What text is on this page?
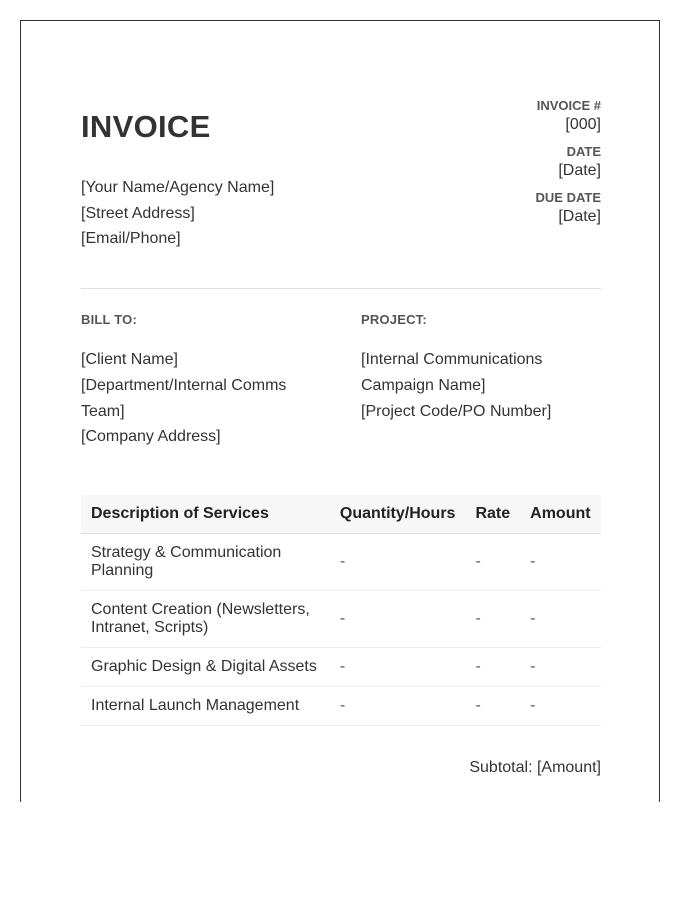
INVOICE
[Your Name/Agency Name]
[Street Address]
[Email/Phone]
INVOICE #
[000]
DATE
[Date]
DUE DATE
[Date]
BILL TO:
[Client Name]
[Department/Internal Comms
Team]
[Company Address]
PROJECT:
[Internal Communications
Campaign Name]
[Project Code/PO Number]
Description of Services	Quantity/Hours	Rate	Amount
Strategy & Communication Planning	-	-	-
Content Creation (Newsletters, Intranet, Scripts)	-	-	-
Graphic Design & Digital Assets	-	-	-
Internal Launch Management	-	-	-
Subtotal: [Amount]
